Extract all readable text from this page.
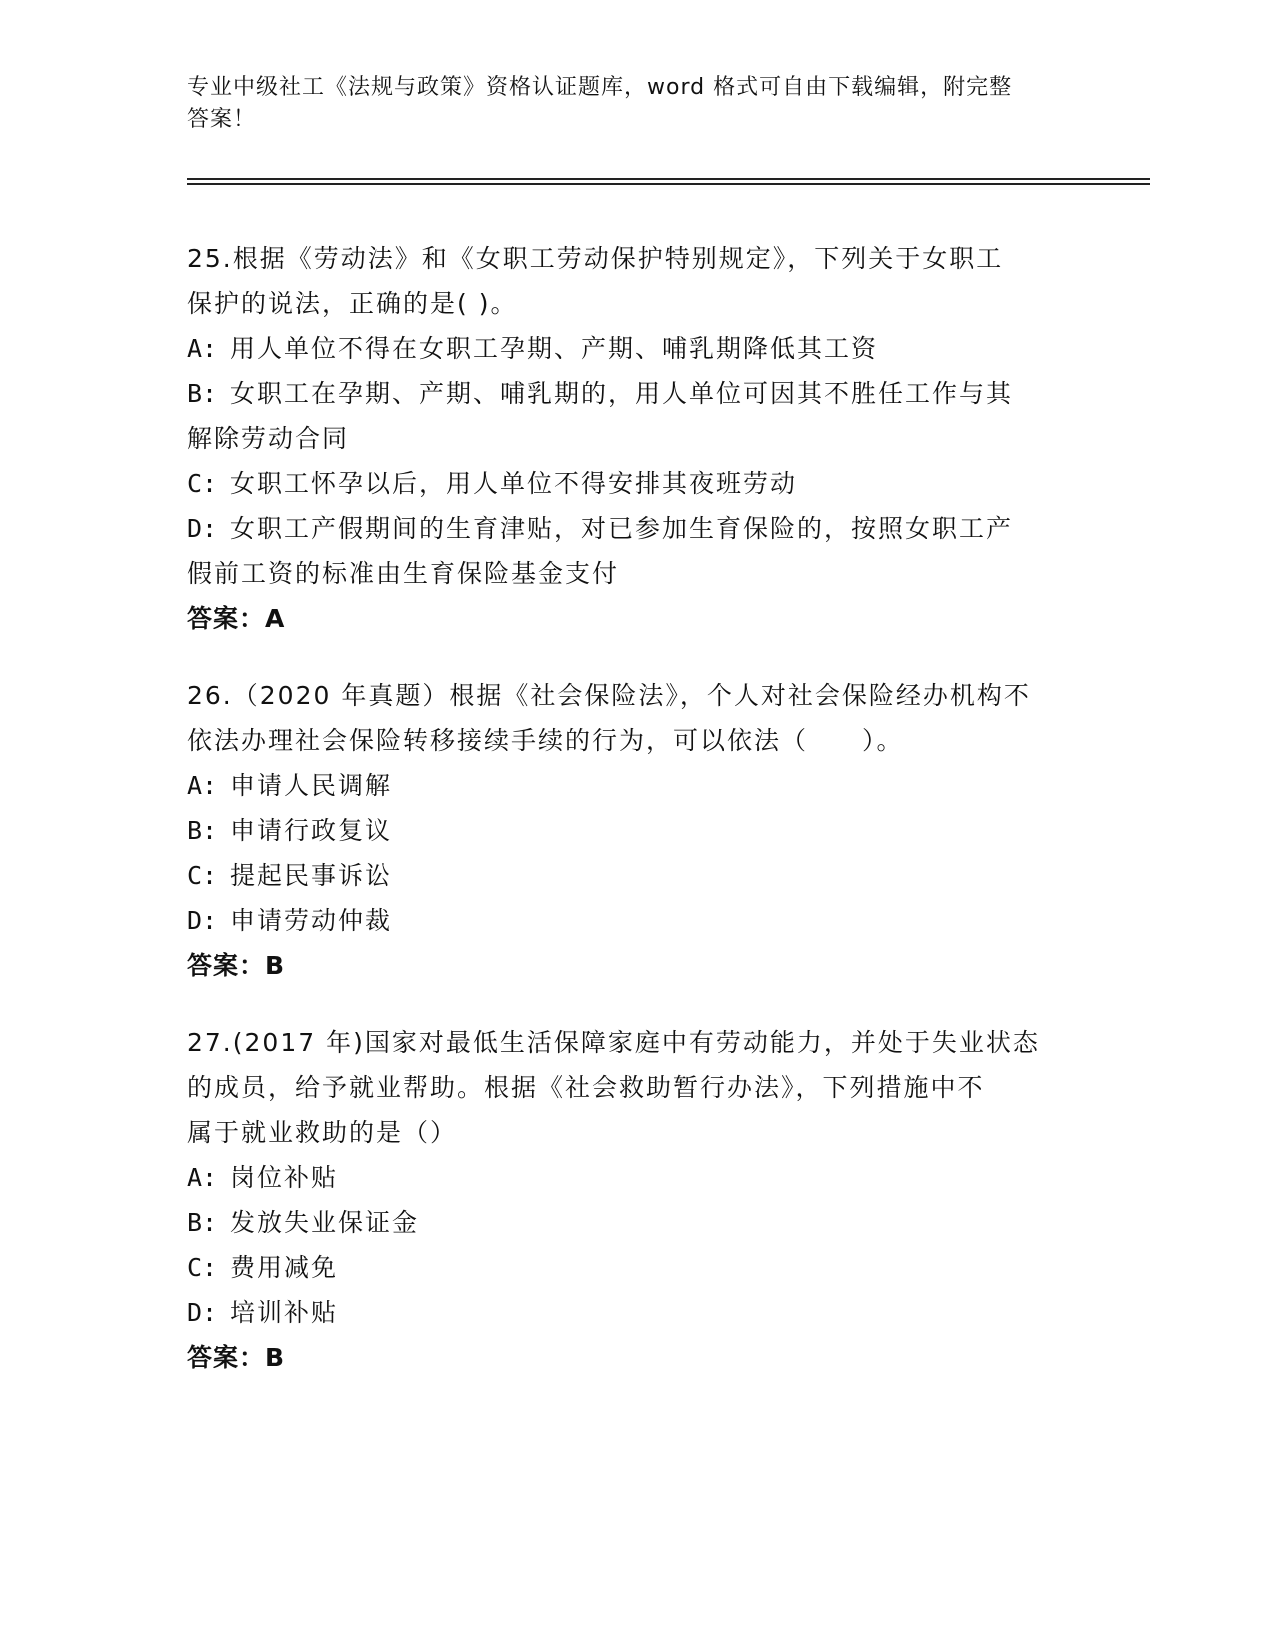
专业中级社工《法规与政策》资格认证题库，word 格式可自由下载编辑，附完整
答案！
25.根据《劳动法》和《女职工劳动保护特别规定》，下列关于女职工
保护的说法，正确的是( )。
A: 用人单位不得在女职工孕期、产期、哺乳期降低其工资
B: 女职工在孕期、产期、哺乳期的，用人单位可因其不胜任工作与其
解除劳动合同
C: 女职工怀孕以后，用人单位不得安排其夜班劳动
D: 女职工产假期间的生育津贴，对已参加生育保险的，按照女职工产
假前工资的标准由生育保险基金支付
答案：A
26.（2020 年真题）根据《社会保险法》，个人对社会保险经办机构不
依法办理社会保险转移接续手续的行为，可以依法（　　）。
A: 申请人民调解
B: 申请行政复议
C: 提起民事诉讼
D: 申请劳动仲裁
答案：B
27.(2017 年)国家对最低生活保障家庭中有劳动能力，并处于失业状态
的成员，给予就业帮助。根据《社会救助暂行办法》，下列措施中不
属于就业救助的是（）
A: 岗位补贴
B: 发放失业保证金
C: 费用减免
D: 培训补贴
答案：B
